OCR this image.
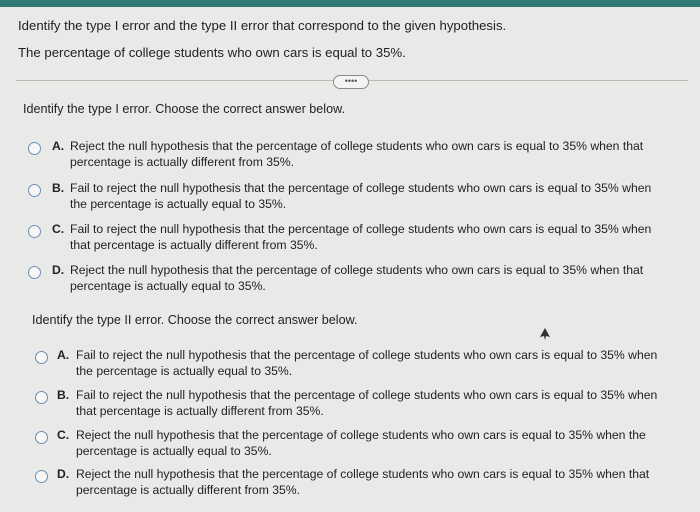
Identify the type I error and the type II error that correspond to the given hypothesis.
The percentage of college students who own cars is equal to 35%.
••••
Identify the type I error. Choose the correct answer below.
A. Reject the null hypothesis that the percentage of college students who own cars is equal to 35% when that
percentage is actually different from 35%.
B. Fail to reject the null hypothesis that the percentage of college students who own cars is equal to 35% when
the percentage is actually equal to 35%.
C. Fail to reject the null hypothesis that the percentage of college students who own cars is equal to 35% when
that percentage is actually different from 35%.
D. Reject the null hypothesis that the percentage of college students who own cars is equal to 35% when that
percentage is actually equal to 35%.
Identify the type II error. Choose the correct answer below.
A. Fail to reject the null hypothesis that the percentage of college students who own cars is equal to 35% when
the percentage is actually equal to 35%.
B. Fail to reject the null hypothesis that the percentage of college students who own cars is equal to 35% when
that percentage is actually different from 35%.
C. Reject the null hypothesis that the percentage of college students who own cars is equal to 35% when the
percentage is actually equal to 35%.
D. Reject the null hypothesis that the percentage of college students who own cars is equal to 35% when that
percentage is actually different from 35%.
